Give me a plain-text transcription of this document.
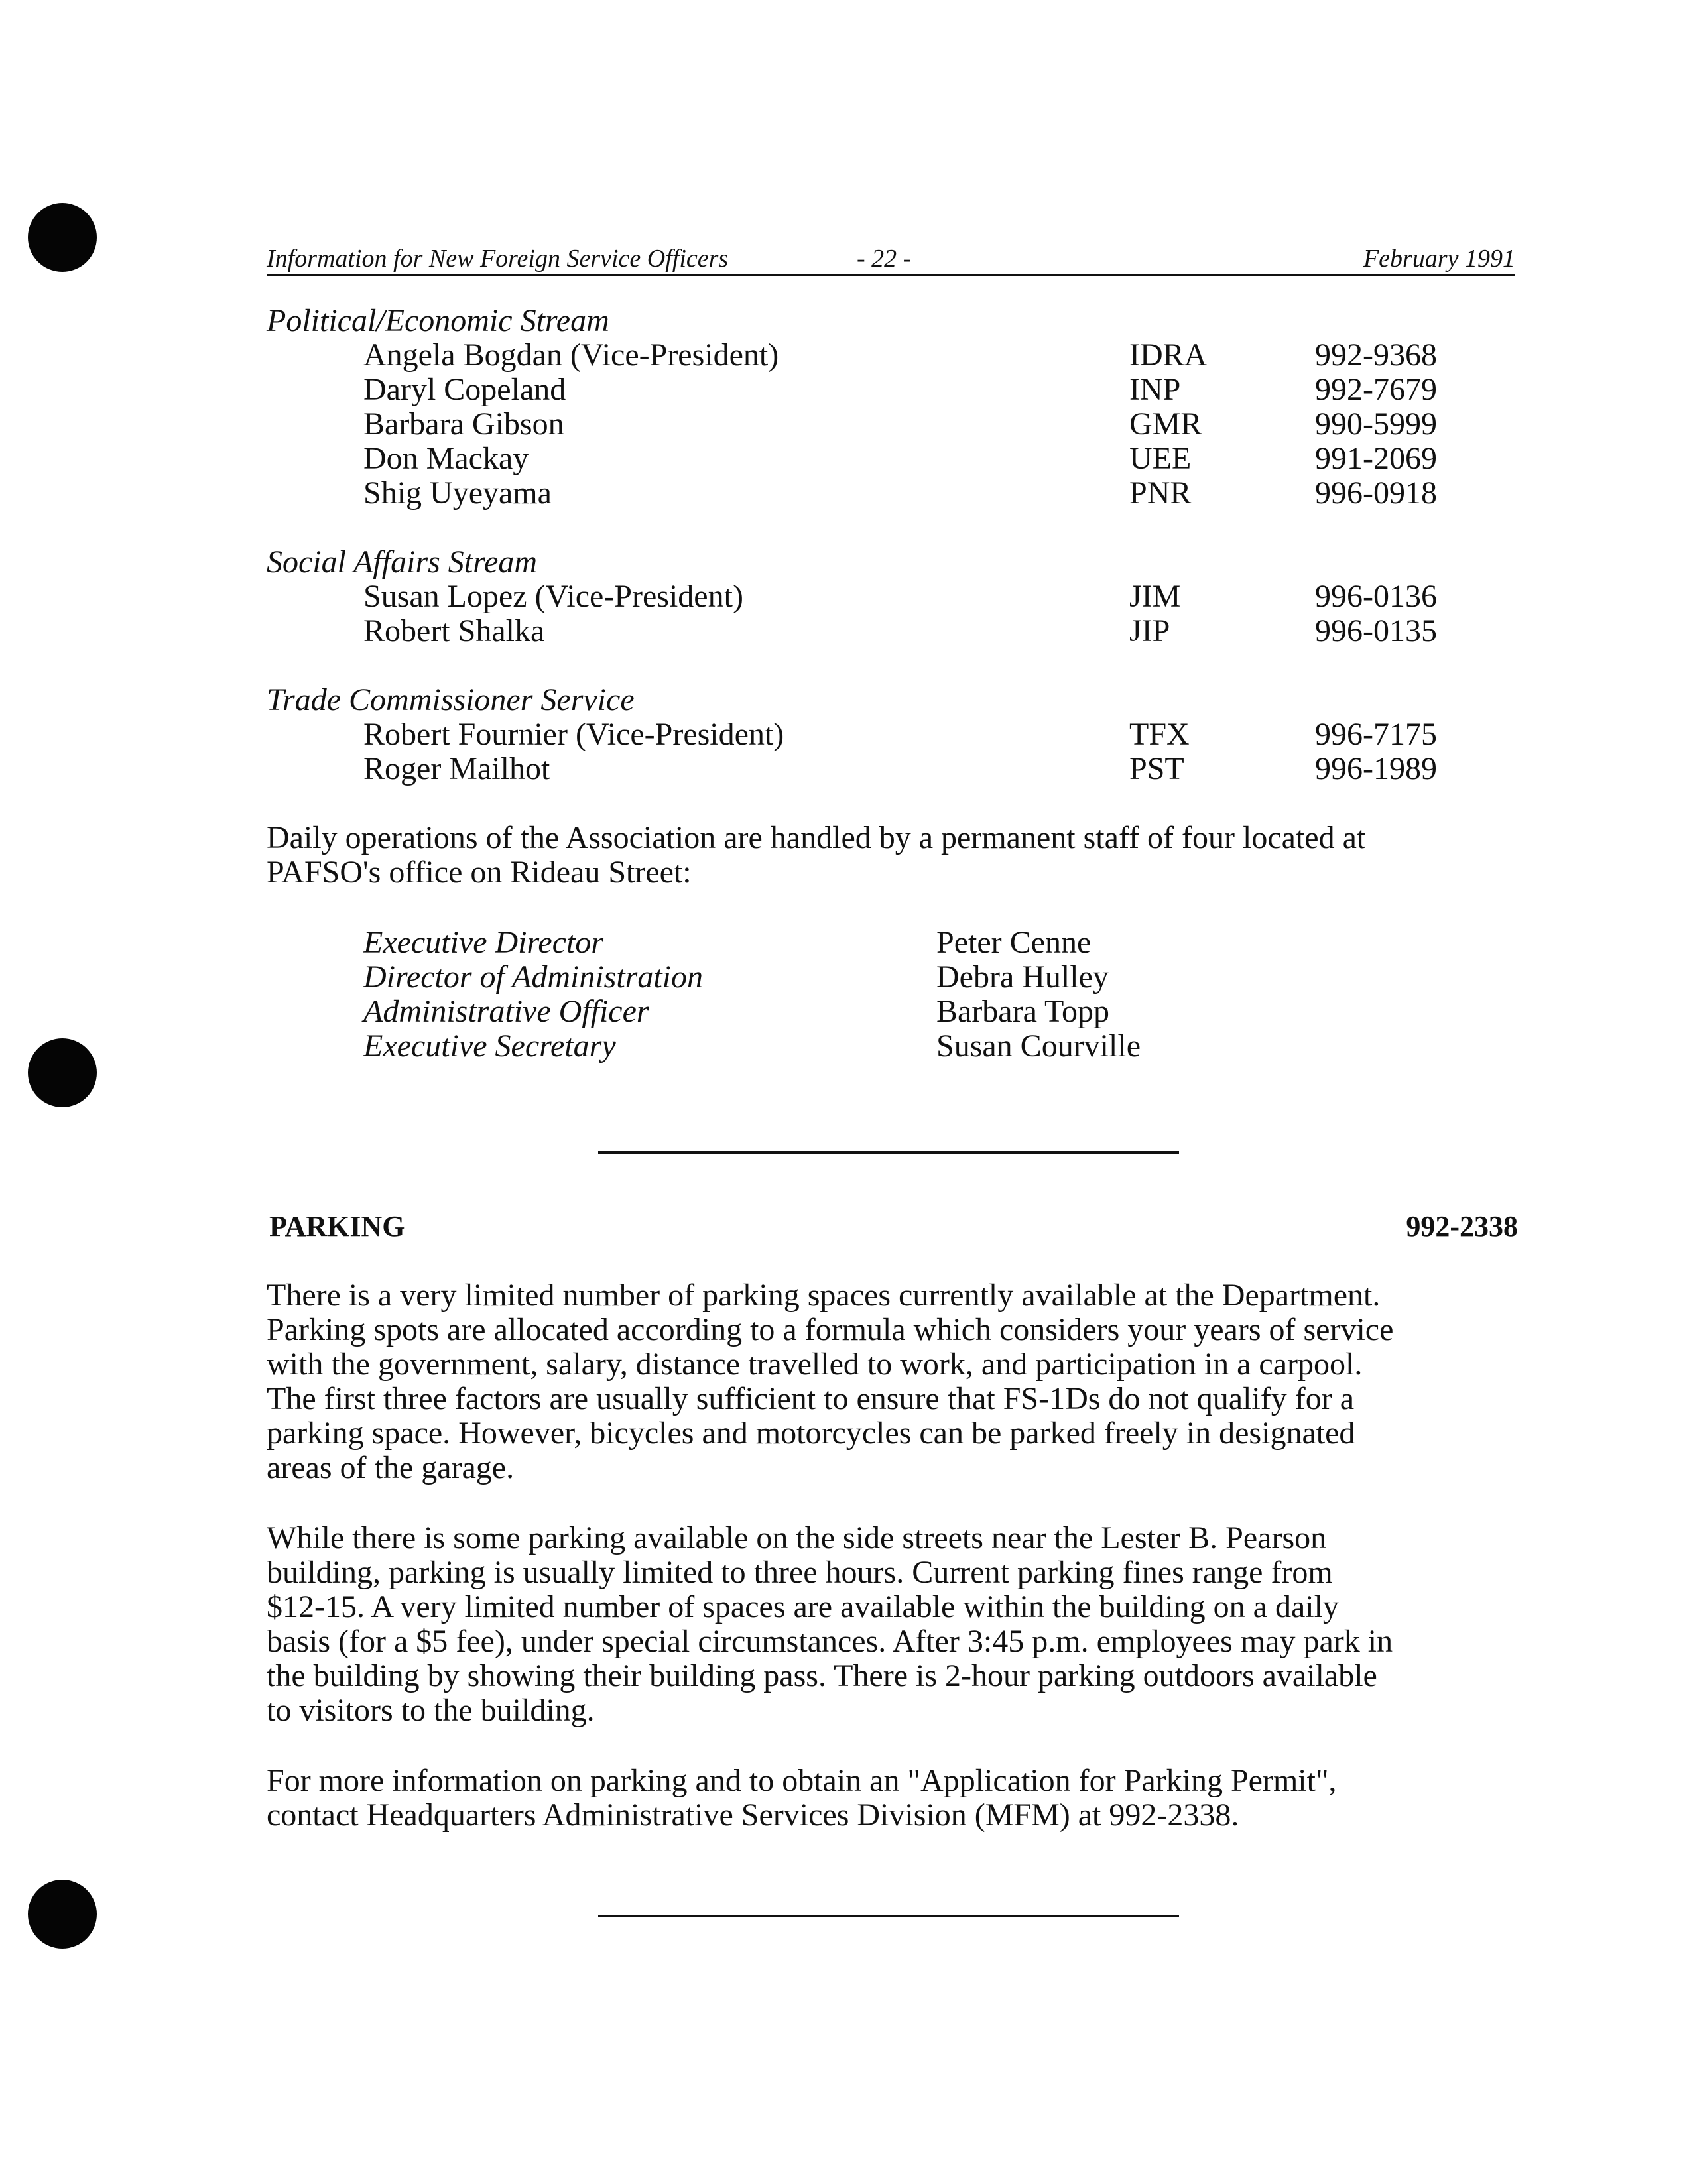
Information for New Foreign Service Officers	- 22 -	February 1991
Political/Economic Stream
Angela Bogdan (Vice-President)	IDRA	992-9368
Daryl Copeland	INP	992-7679
Barbara Gibson	GMR	990-5999
Don Mackay	UEE	991-2069
Shig Uyeyama	PNR	996-0918
Social Affairs Stream
Susan Lopez (Vice-President)	JIM	996-0136
Robert Shalka	JIP	996-0135
Trade Commissioner Service
Robert Fournier (Vice-President)	TFX	996-7175
Roger Mailhot	PST	996-1989
Daily operations of the Association are handled by a permanent staff of four located at
PAFSO's office on Rideau Street:
Executive Director	Peter Cenne
Director of Administration	Debra Hulley
Administrative Officer	Barbara Topp
Executive Secretary	Susan Courville
PARKING	992-2338
There is a very limited number of parking spaces currently available at the Department.
Parking spots are allocated according to a formula which considers your years of service
with the government, salary, distance travelled to work, and participation in a carpool.
The first three factors are usually sufficient to ensure that FS-1Ds do not qualify for a
parking space. However, bicycles and motorcycles can be parked freely in designated
areas of the garage.
While there is some parking available on the side streets near the Lester B. Pearson
building, parking is usually limited to three hours. Current parking fines range from
$12-15. A very limited number of spaces are available within the building on a daily
basis (for a $5 fee), under special circumstances. After 3:45 p.m. employees may park in
the building by showing their building pass. There is 2-hour parking outdoors available
to visitors to the building.
For more information on parking and to obtain an "Application for Parking Permit",
contact Headquarters Administrative Services Division (MFM) at 992-2338.
